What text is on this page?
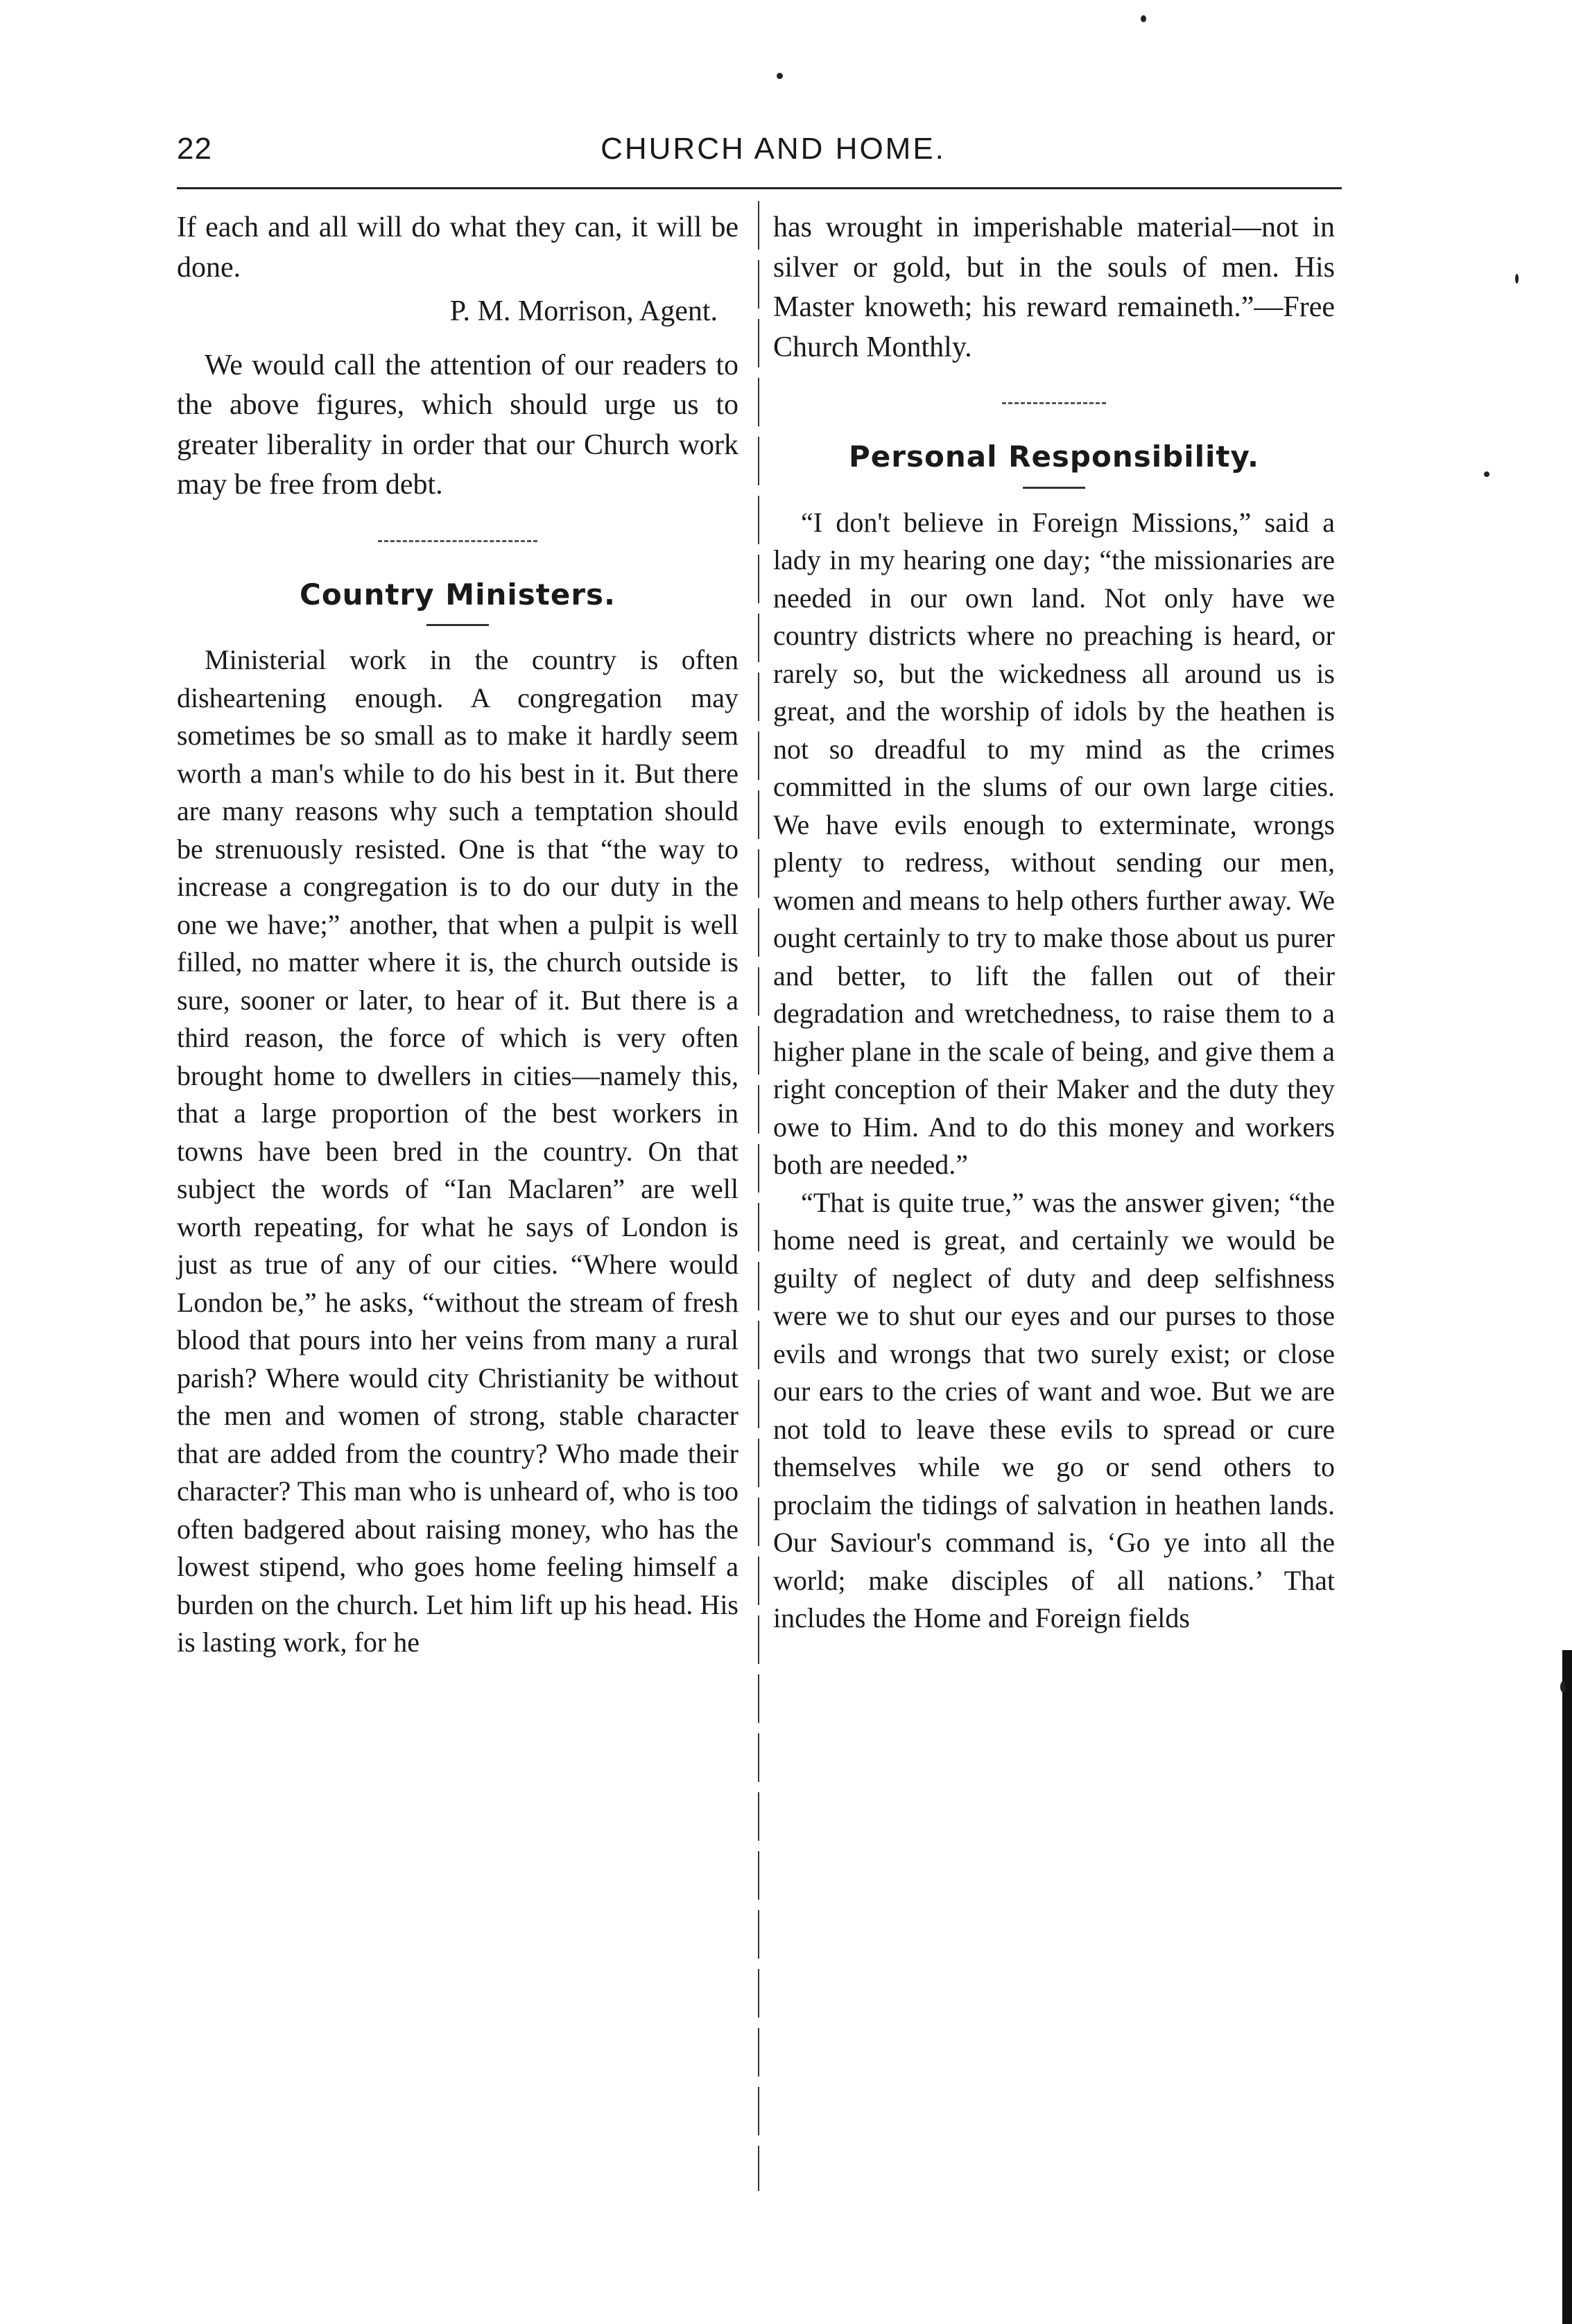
22	CHURCH AND HOME.

If each and all will do what they can, it will be done.

P. M. Morrison, Agent.

We would call the attention of our readers to the above figures, which should urge us to greater liberality in order that our Church work may be free from debt.

Country Ministers.

Ministerial work in the country is often disheartening enough. A congregation may sometimes be so small as to make it hardly seem worth a man's while to do his best in it. But there are many reasons why such a temptation should be strenuously resisted. One is that “the way to increase a congregation is to do our duty in the one we have;” another, that when a pulpit is well filled, no matter where it is, the church outside is sure, sooner or later, to hear of it. But there is a third reason, the force of which is very often brought home to dwellers in cities—namely this, that a large proportion of the best workers in towns have been bred in the country. On that subject the words of “Ian Maclaren” are well worth repeating, for what he says of London is just as true of any of our cities. “Where would London be,” he asks, “without the stream of fresh blood that pours into her veins from many a rural parish? Where would city Christianity be without the men and women of strong, stable character that are added from the country? Who made their character? This man who is unheard of, who is too often badgered about raising money, who has the lowest stipend, who goes home feeling himself a burden on the church. Let him lift up his head. His is lasting work, for he

has wrought in imperishable material—not in silver or gold, but in the souls of men. His Master knoweth; his reward remaineth.”—Free Church Monthly.

Personal Responsibility.

“I don't believe in Foreign Missions,” said a lady in my hearing one day; “the missionaries are needed in our own land. Not only have we country districts where no preaching is heard, or rarely so, but the wickedness all around us is great, and the worship of idols by the heathen is not so dreadful to my mind as the crimes committed in the slums of our own large cities. We have evils enough to exterminate, wrongs plenty to redress, without sending our men, women and means to help others further away. We ought certainly to try to make those about us purer and better, to lift the fallen out of their degradation and wretchedness, to raise them to a higher plane in the scale of being, and give them a right conception of their Maker and the duty they owe to Him. And to do this money and workers both are needed.”

“That is quite true,” was the answer given; “the home need is great, and certainly we would be guilty of neglect of duty and deep selfishness were we to shut our eyes and our purses to those evils and wrongs that two surely exist; or close our ears to the cries of want and woe. But we are not told to leave these evils to spread or cure themselves while we go or send others to proclaim the tidings of salvation in heathen lands. Our Saviour's command is, ‘Go ye into all the world; make disciples of all nations.’ That includes the Home and Foreign fields
